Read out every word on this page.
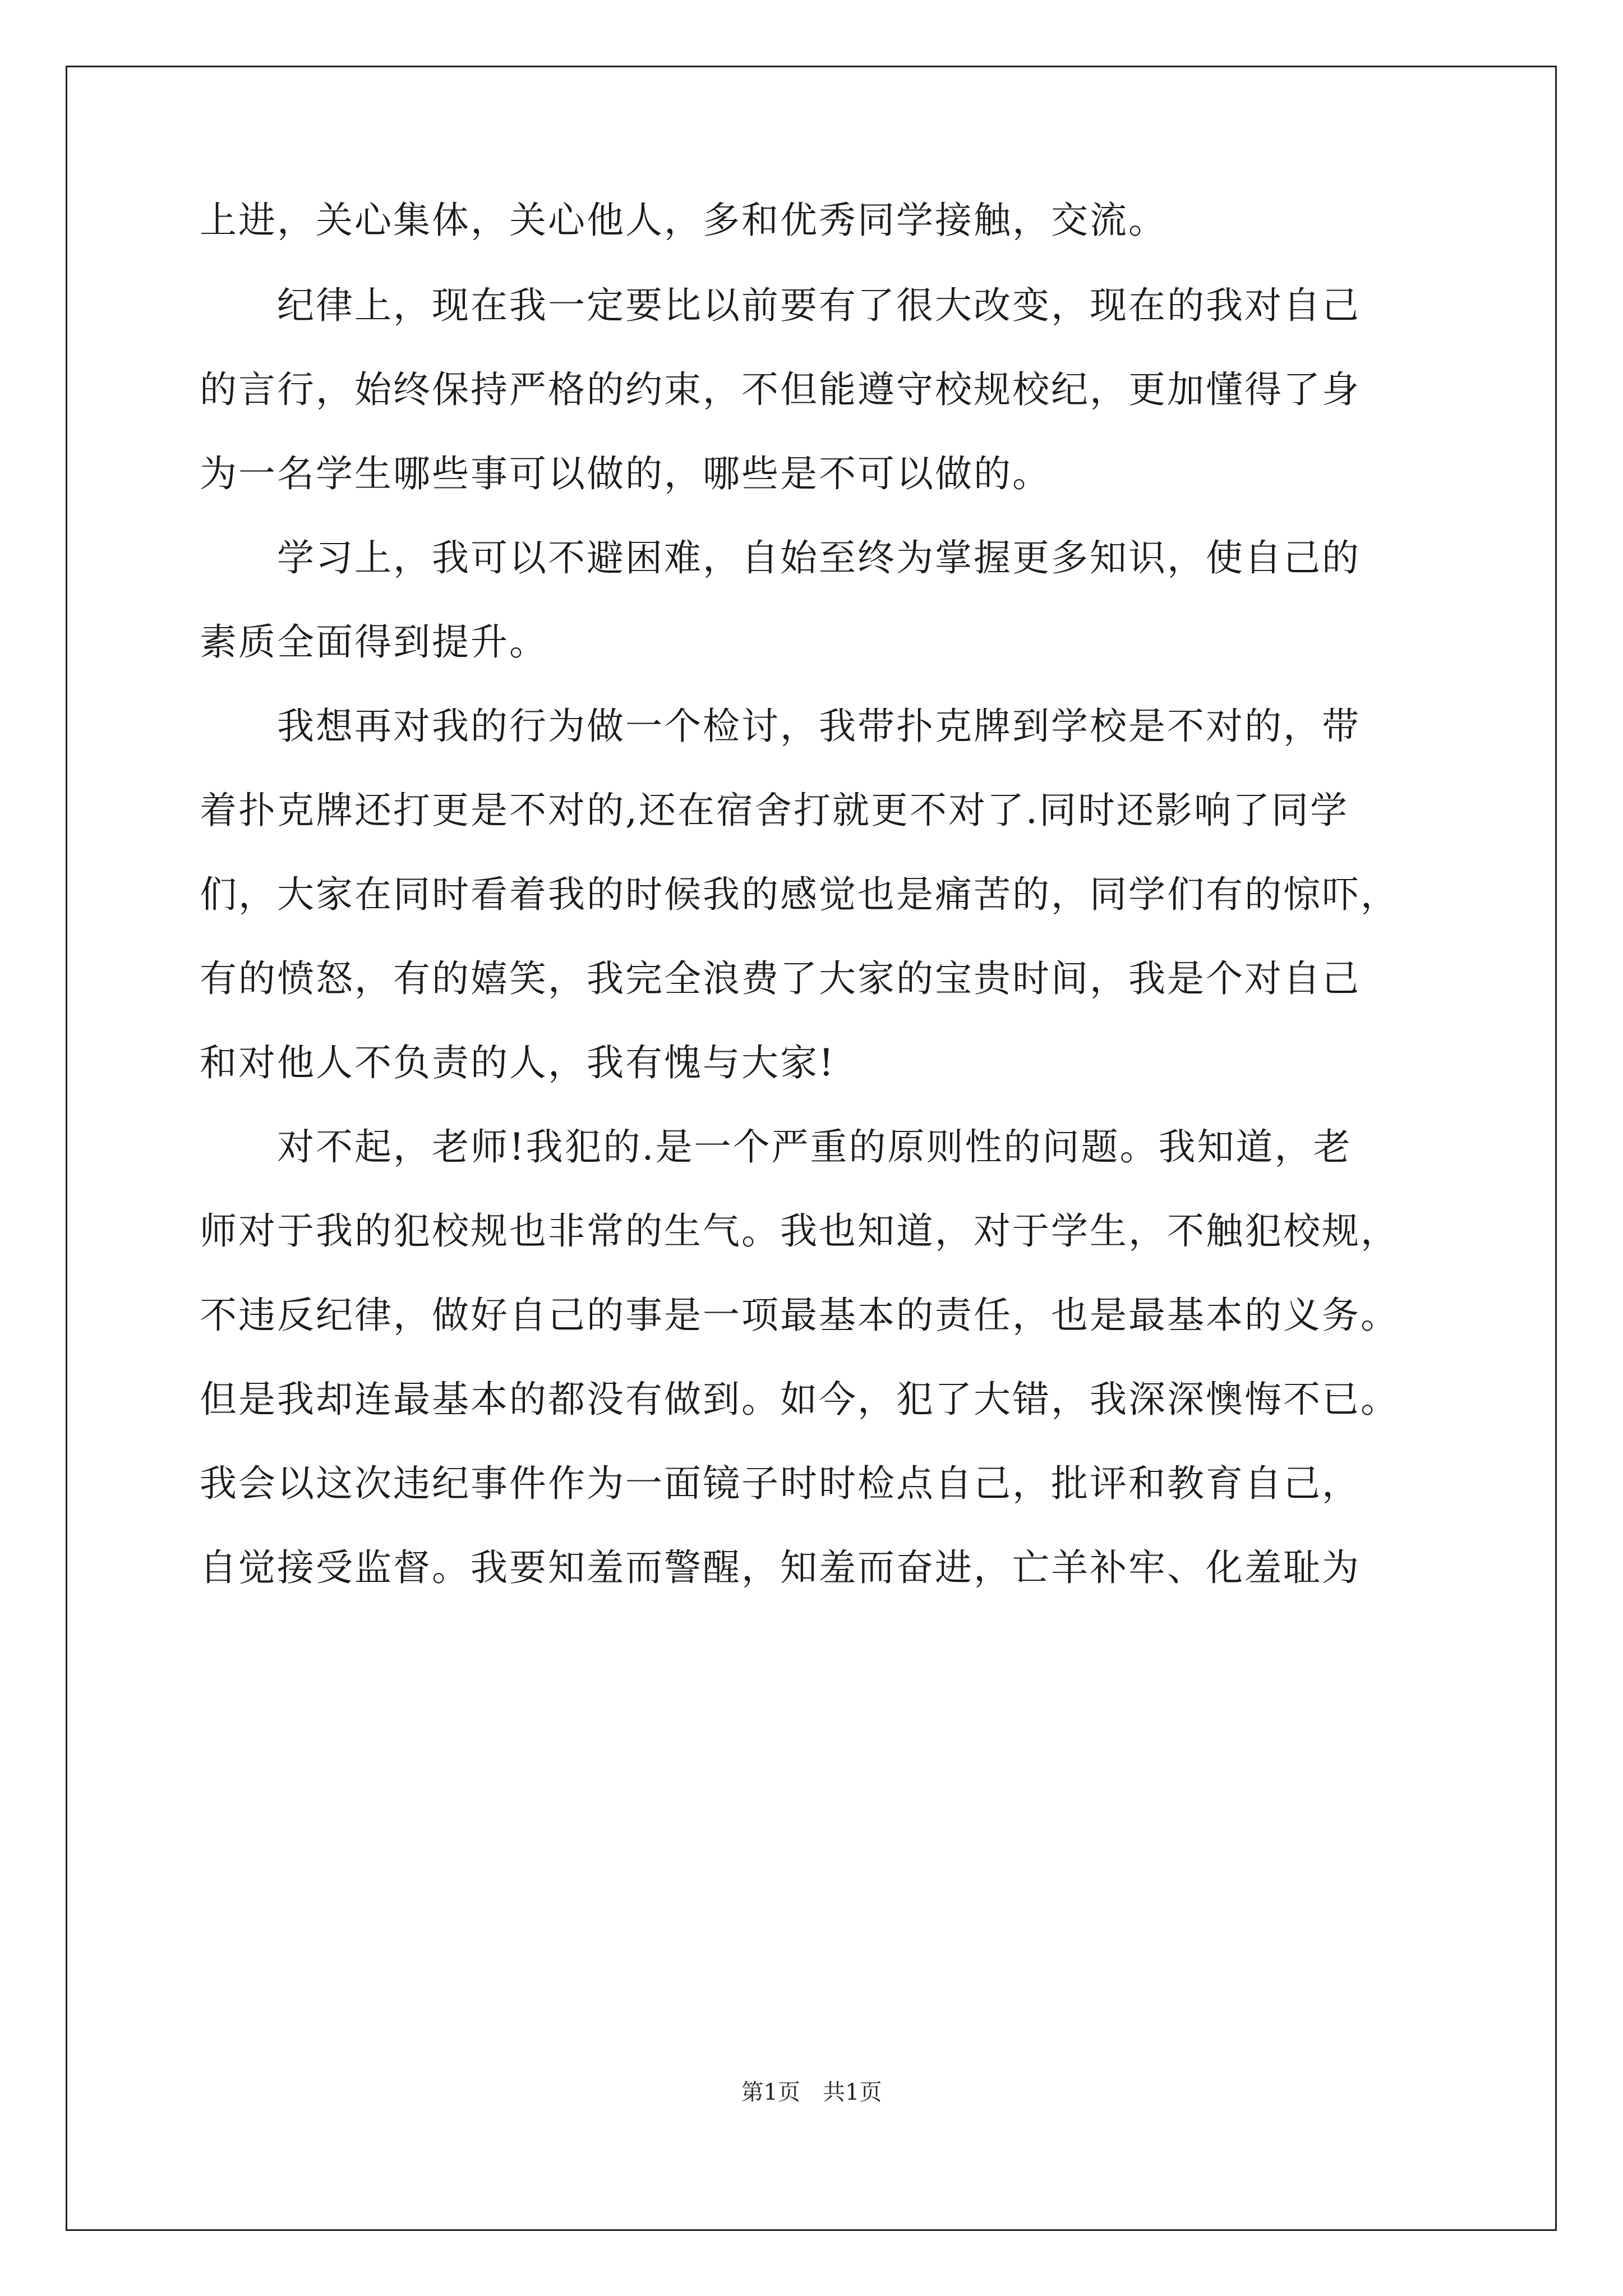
上进，关心集体，关心他人，多和优秀同学接触，交流。
　　纪律上，现在我一定要比以前要有了很大改变，现在的我对自己
的言行，始终保持严格的约束，不但能遵守校规校纪，更加懂得了身
为一名学生哪些事可以做的，哪些是不可以做的。
　　学习上，我可以不避困难，自始至终为掌握更多知识，使自己的
素质全面得到提升。
　　我想再对我的行为做一个检讨，我带扑克牌到学校是不对的，带
着扑克牌还打更是不对的,还在宿舍打就更不对了.同时还影响了同学
们，大家在同时看着我的时候我的感觉也是痛苦的，同学们有的惊吓，
有的愤怒，有的嬉笑，我完全浪费了大家的宝贵时间，我是个对自己
和对他人不负责的人，我有愧与大家!
　　对不起，老师!我犯的.是一个严重的原则性的问题。我知道，老
师对于我的犯校规也非常的生气。我也知道，对于学生，不触犯校规，
不违反纪律，做好自己的事是一项最基本的责任，也是最基本的义务。
但是我却连最基本的都没有做到。如今，犯了大错，我深深懊悔不已。
我会以这次违纪事件作为一面镜子时时检点自己，批评和教育自己，
自觉接受监督。我要知羞而警醒，知羞而奋进，亡羊补牢、化羞耻为
第1页　共1页
